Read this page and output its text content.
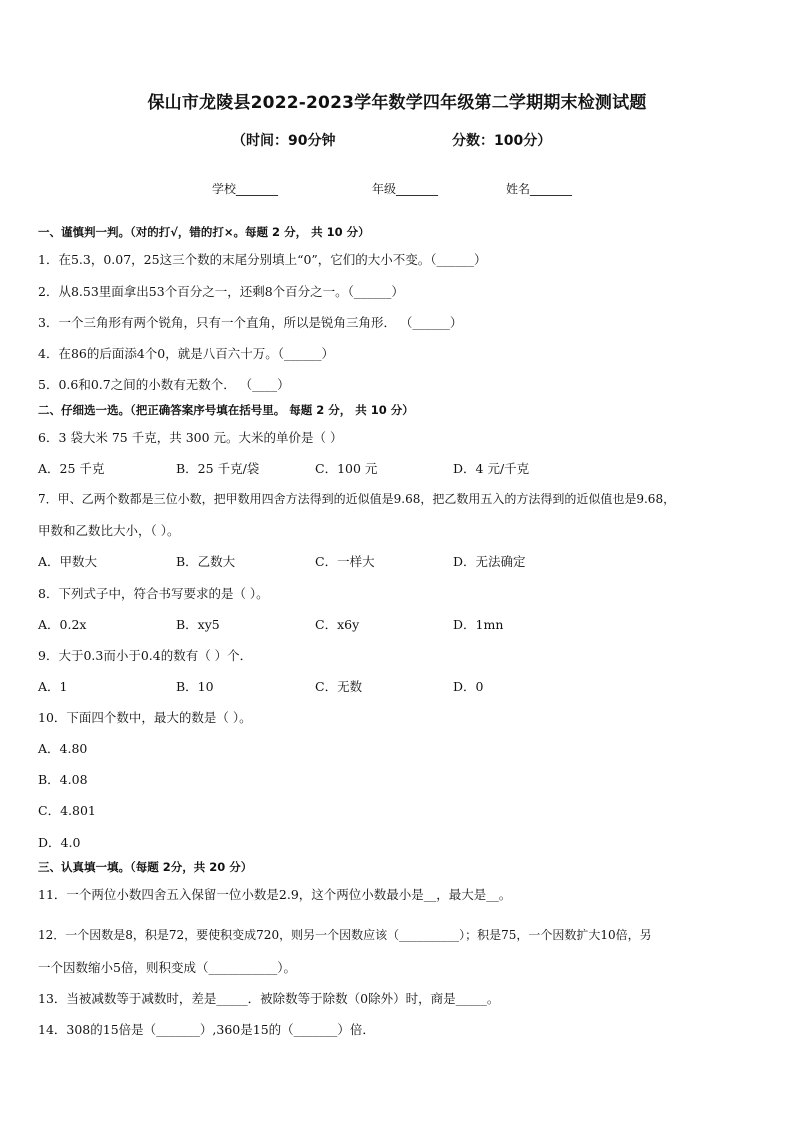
保山市龙陵县2022-2023学年数学四年级第二学期期末检测试题
（时间：90分钟	分数：100分）
学校_______	年级_______	姓名_______
一、谨慎判一判。（对的打√，错的打×。每题 2 分， 共 10 分）
1．在5.3，0.07，25这三个数的末尾分别填上“0”，它们的大小不变。（______）
2．从8.53里面拿出53个百分之一，还剩8个百分之一。（______）
3．一个三角形有两个锐角，只有一个直角，所以是锐角三角形． （______）
4．在86的后面添4个0，就是八百六十万。（______）
5．0.6和0.7之间的小数有无数个． （____）
二、仔细选一选。（把正确答案序号填在括号里。 每题 2 分， 共 10 分）
6．3 袋大米 75 千克，共 300 元。大米的单价是（ ）
A．25 千克	B．25 千克/袋	C．100 元	D．4 元/千克
7．甲、乙两个数都是三位小数，把甲数用四舍方法得到的近似值是9.68，把乙数用五入的方法得到的近似值也是9.68，
甲数和乙数比大小，（ ）。
A．甲数大	B．乙数大	C．一样大	D．无法确定
8．下列式子中，符合书写要求的是（ ）。
A．0.2x	B．xy5	C．x6y	D．1mn
9．大于0.3而小于0.4的数有（ ）个．
A．1	B．10	C．无数	D．0
10．下面四个数中，最大的数是（ ）。
A．4.80
B．4.08
C．4.801
D．4.0
三、认真填一填。（每题 2分，共 20 分）
11．一个两位小数四舍五入保留一位小数是2.9，这个两位小数最小是__，最大是__。
12．一个因数是8，积是72，要使积变成720，则另一个因数应该（__________）；积是75，一个因数扩大10倍，另
一个因数缩小5倍，则积变成（___________）。
13．当被减数等于减数时，差是_____．被除数等于除数（0除外）时，商是_____。
14．308的15倍是（_______）,360是15的（_______）倍．
